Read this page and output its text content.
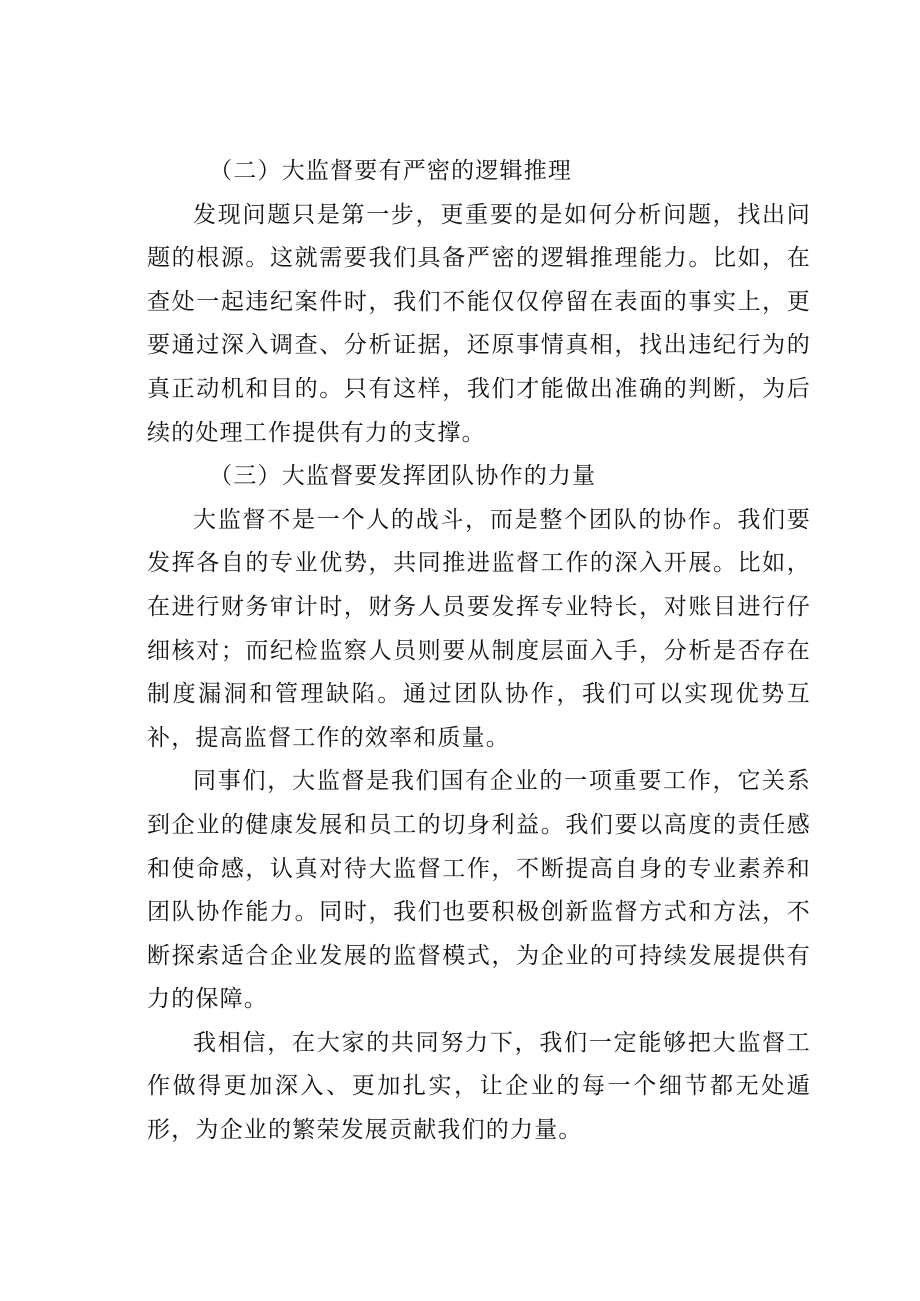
（二）大监督要有严密的逻辑推理

发现问题只是第一步，更重要的是如何分析问题，找出问题的根源。这就需要我们具备严密的逻辑推理能力。比如，在查处一起违纪案件时，我们不能仅仅停留在表面的事实上，更要通过深入调查、分析证据，还原事情真相，找出违纪行为的真正动机和目的。只有这样，我们才能做出准确的判断，为后续的处理工作提供有力的支撑。

（三）大监督要发挥团队协作的力量

大监督不是一个人的战斗，而是整个团队的协作。我们要发挥各自的专业优势，共同推进监督工作的深入开展。比如，在进行财务审计时，财务人员要发挥专业特长，对账目进行仔细核对；而纪检监察人员则要从制度层面入手，分析是否存在制度漏洞和管理缺陷。通过团队协作，我们可以实现优势互补，提高监督工作的效率和质量。

同事们，大监督是我们国有企业的一项重要工作，它关系到企业的健康发展和员工的切身利益。我们要以高度的责任感和使命感，认真对待大监督工作，不断提高自身的专业素养和团队协作能力。同时，我们也要积极创新监督方式和方法，不断探索适合企业发展的监督模式，为企业的可持续发展提供有力的保障。

我相信，在大家的共同努力下，我们一定能够把大监督工作做得更加深入、更加扎实，让企业的每一个细节都无处遁形，为企业的繁荣发展贡献我们的力量。
